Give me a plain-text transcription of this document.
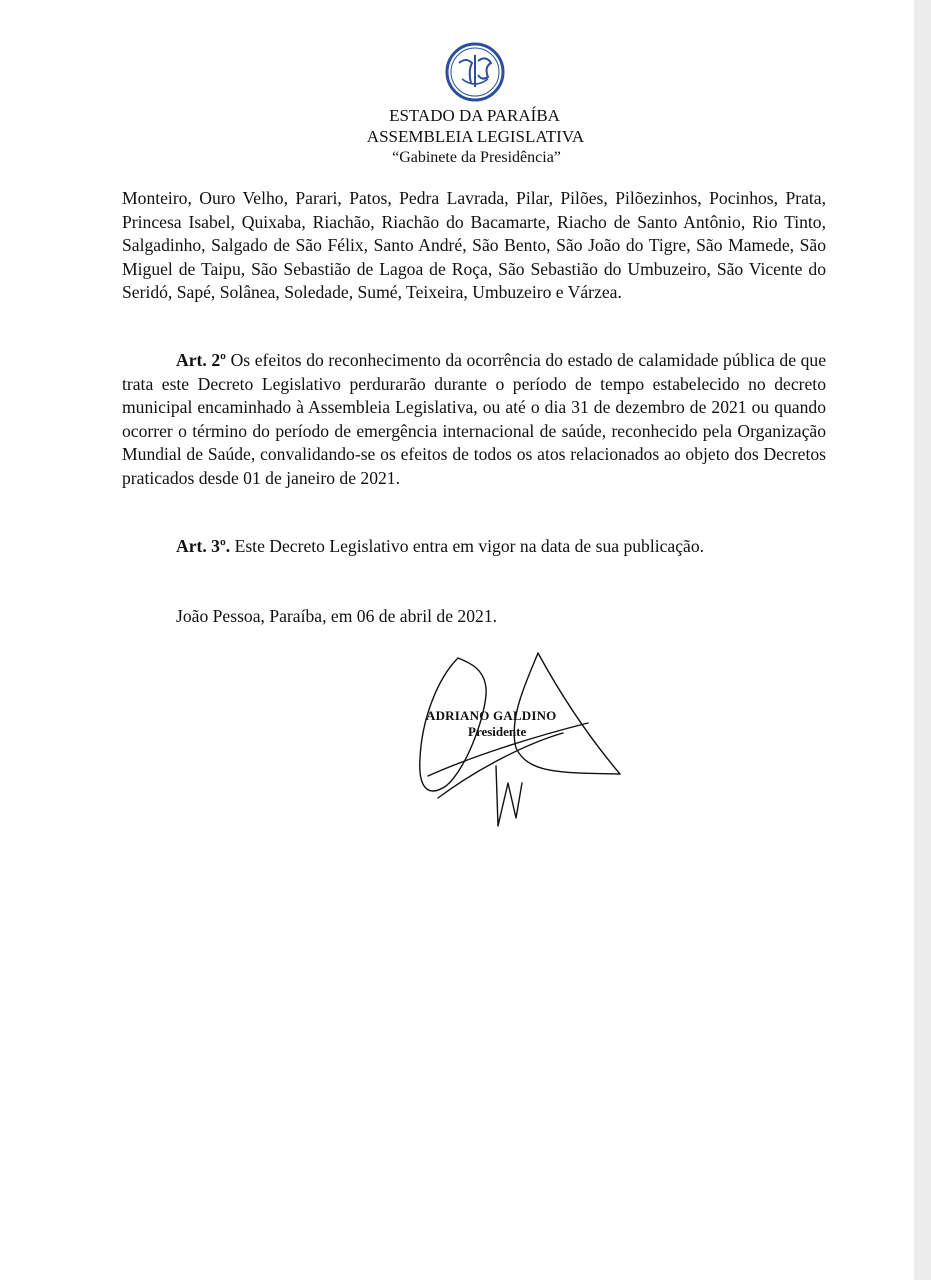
ESTADO DA PARAÍBA
ASSEMBLEIA LEGISLATIVA
“Gabinete da Presidência”
Monteiro, Ouro Velho, Parari, Patos, Pedra Lavrada, Pilar, Pilões, Pilõezinhos, Pocinhos, Prata, Princesa Isabel, Quixaba, Riachão, Riachão do Bacamarte, Riacho de Santo Antônio, Rio Tinto, Salgadinho, Salgado de São Félix, Santo André, São Bento, São João do Tigre, São Mamede, São Miguel de Taipu, São Sebastião de Lagoa de Roça, São Sebastião do Umbuzeiro, São Vicente do Seridó, Sapé, Solânea, Soledade, Sumé, Teixeira, Umbuzeiro e Várzea.
Art. 2º Os efeitos do reconhecimento da ocorrência do estado de calamidade pública de que trata este Decreto Legislativo perdurarão durante o período de tempo estabelecido no decreto municipal encaminhado à Assembleia Legislativa, ou até o dia 31 de dezembro de 2021 ou quando ocorrer o término do período de emergência internacional de saúde, reconhecido pela Organização Mundial de Saúde, convalidando-se os efeitos de todos os atos relacionados ao objeto dos Decretos praticados desde 01 de janeiro de 2021.
Art. 3º. Este Decreto Legislativo entra em vigor na data de sua publicação.
João Pessoa, Paraíba, em 06 de abril de 2021.
ADRIANO GALDINO
Presidente
